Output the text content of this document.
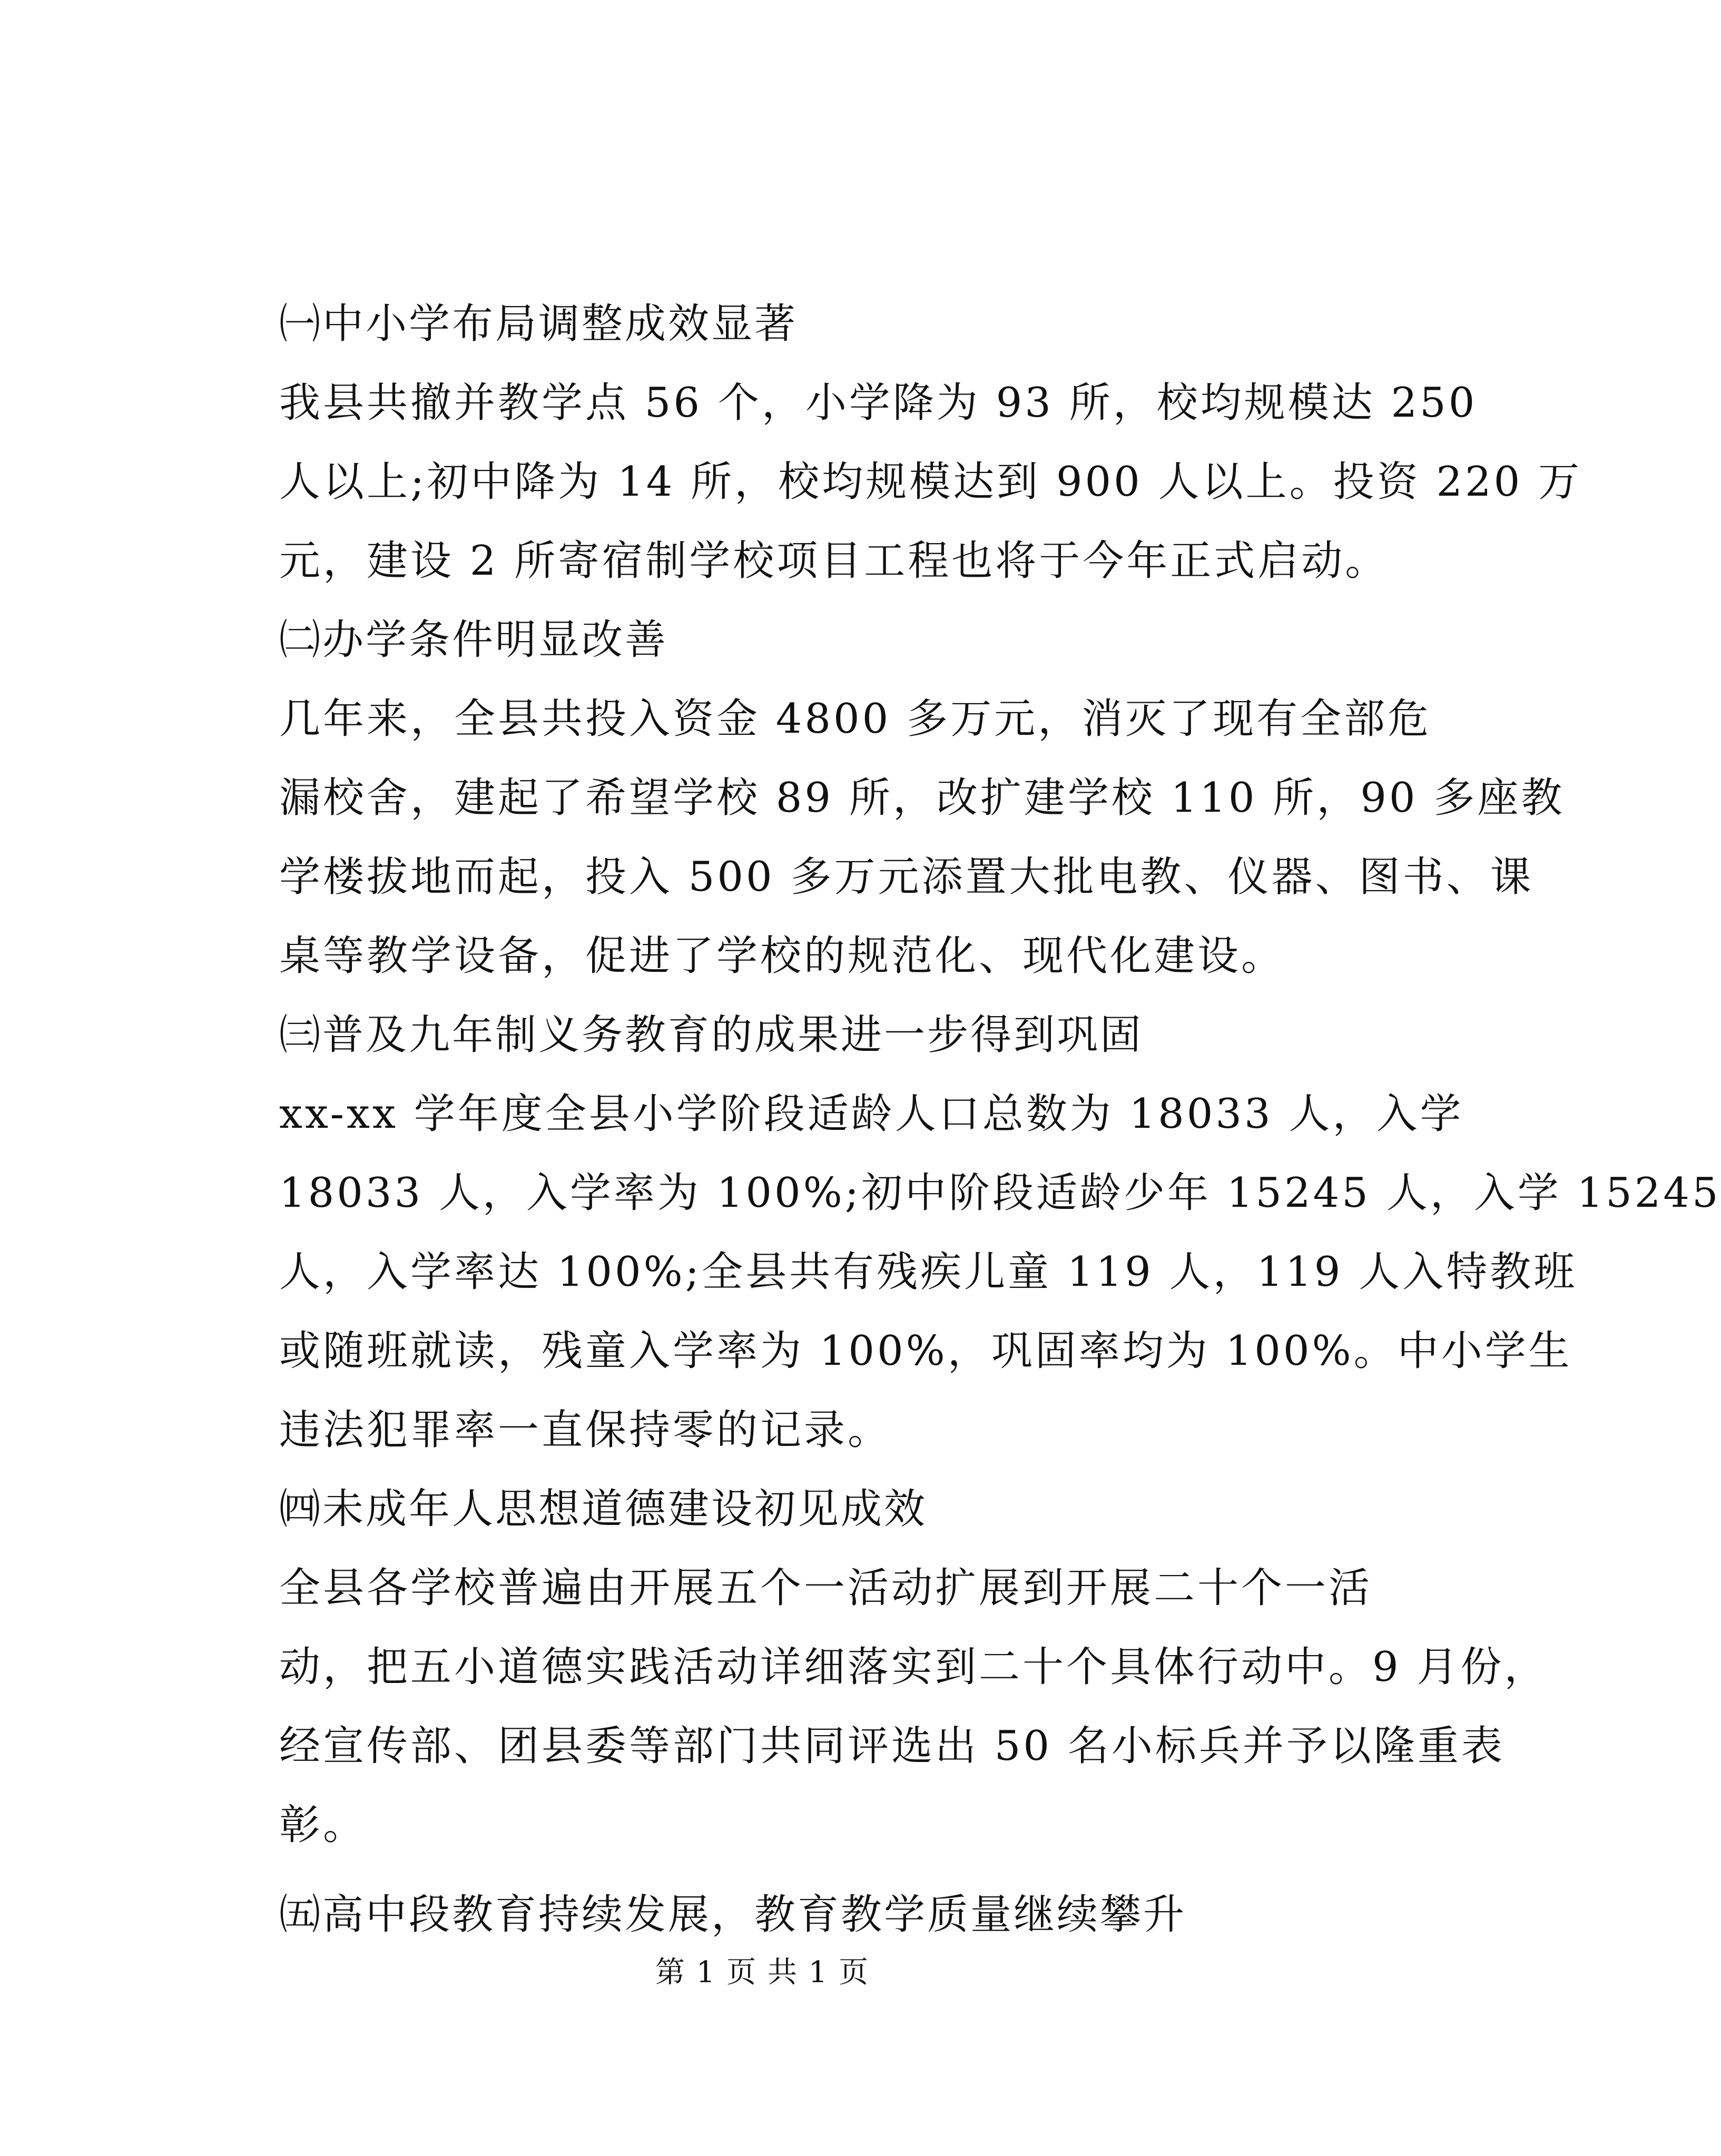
㈠中小学布局调整成效显著
我县共撤并教学点 56 个，小学降为 93 所，校均规模达 250
人以上;初中降为 14 所，校均规模达到 900 人以上。投资 220 万
元，建设 2 所寄宿制学校项目工程也将于今年正式启动。
㈡办学条件明显改善
几年来，全县共投入资金 4800 多万元，消灭了现有全部危
漏校舍，建起了希望学校 89 所，改扩建学校 110 所，90 多座教
学楼拔地而起，投入 500 多万元添置大批电教、仪器、图书、课
桌等教学设备，促进了学校的规范化、现代化建设。
㈢普及九年制义务教育的成果进一步得到巩固
xx-xx 学年度全县小学阶段适龄人口总数为 18033 人，入学
18033 人，入学率为 100%;初中阶段适龄少年 15245 人，入学 15245
人，入学率达 100%;全县共有残疾儿童 119 人，119 人入特教班
或随班就读，残童入学率为 100%，巩固率均为 100%。中小学生
违法犯罪率一直保持零的记录。
㈣未成年人思想道德建设初见成效
全县各学校普遍由开展五个一活动扩展到开展二十个一活
动，把五小道德实践活动详细落实到二十个具体行动中。9 月份，
经宣传部、团县委等部门共同评选出 50 名小标兵并予以隆重表
彰。
㈤高中段教育持续发展，教育教学质量继续攀升
第 1 页 共 1 页
